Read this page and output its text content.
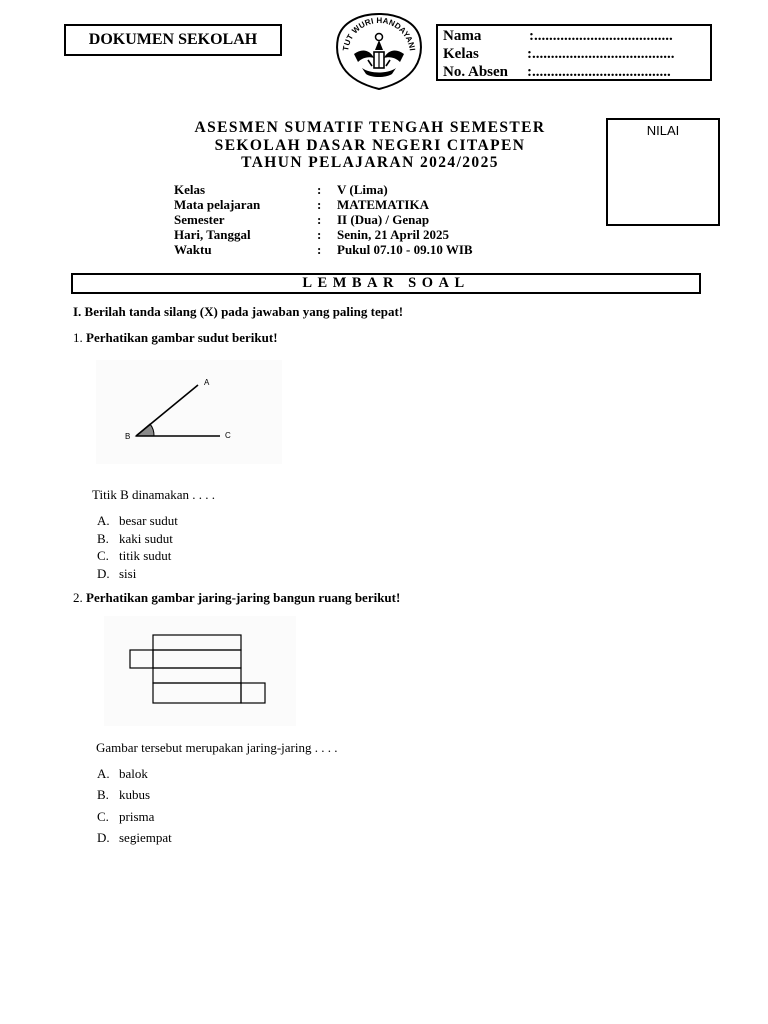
DOKUMEN SEKOLAH
TUT WURI HANDAYANI
Nama	: .....................................
Kelas	: ......................................
No. Absen	: .....................................
ASESMEN SUMATIF TENGAH SEMESTER
SEKOLAH DASAR NEGERI CITAPEN
TAHUN PELAJARAN 2024/2025
NILAI
Kelas	:	V (Lima)
Mata pelajaran	:	MATEMATIKA
Semester	:	II (Dua) / Genap
Hari, Tanggal	:	Senin, 21 April 2025
Waktu	:	Pukul 07.10 - 09.10 WIB
LEMBAR SOAL
I. Berilah tanda silang (X) pada jawaban yang paling tepat!
1. Perhatikan gambar sudut berikut!
A
B	C
Titik B dinamakan . . . .
A. besar sudut
B. kaki sudut
C. titik sudut
D. sisi
2. Perhatikan gambar jaring-jaring bangun ruang berikut!
Gambar tersebut merupakan jaring-jaring . . . .
A. balok
B. kubus
C. prisma
D. segiempat
